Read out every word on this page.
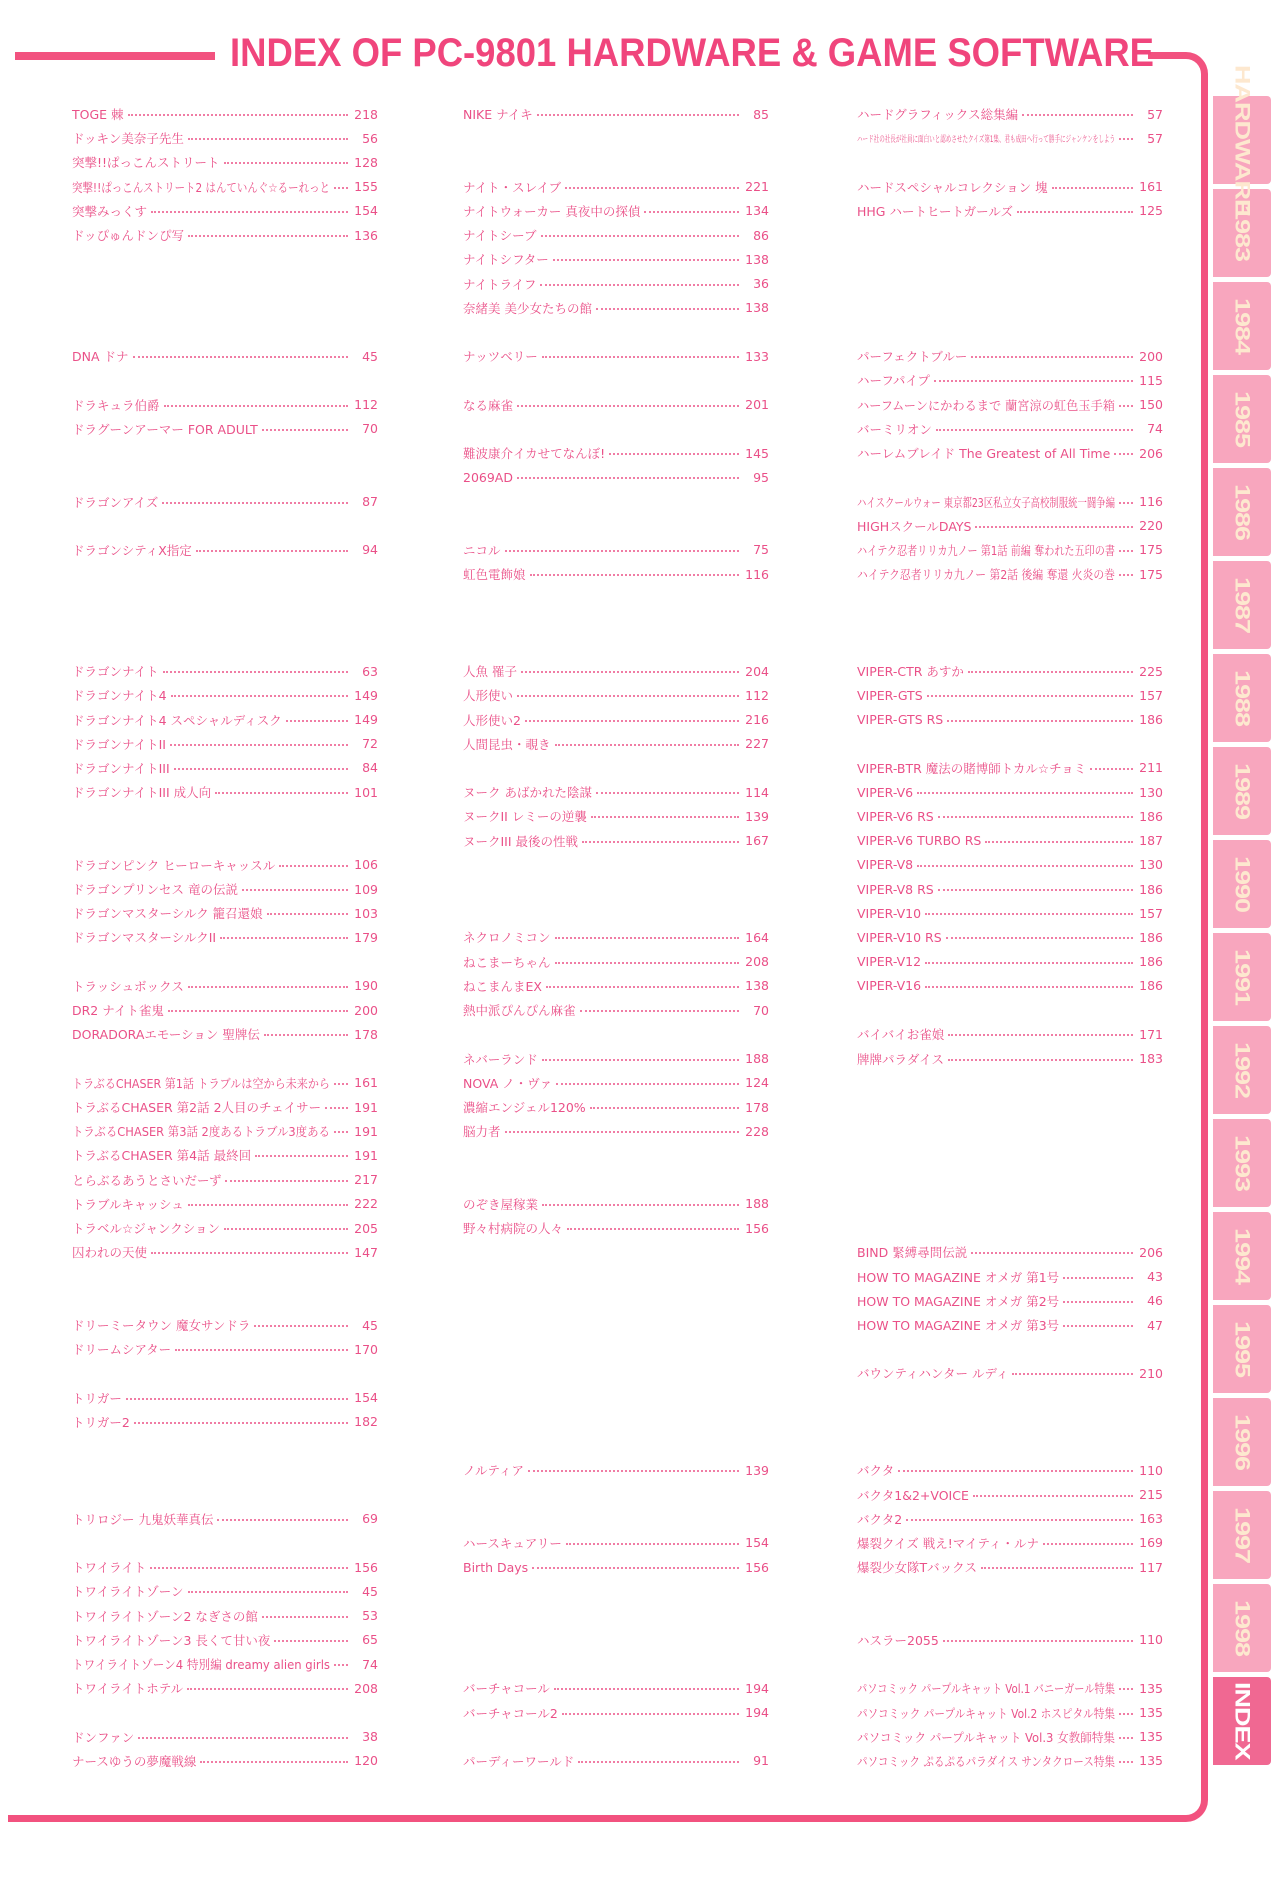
INDEX OF PC-9801 HARDWARE & GAME SOFTWARE
TOGE 棘	218
ドッキン美奈子先生	56
突撃!!ぱっこんストリート	128
突撃!!ぱっこんストリート2 はんていんぐ☆るーれっと 155
突撃みっくす	154
ドッぴゅんドンぴ写	136
DNA ドナ	45
ドラキュラ伯爵	112
ドラグーンアーマー FOR ADULT	70
ドラゴンアイズ	87
ドラゴンシティX指定	94
ドラゴンナイト	63
ドラゴンナイト4	149
ドラゴンナイト4 スペシャルディスク	149
ドラゴンナイトII	72
ドラゴンナイトIII	84
ドラゴンナイトIII 成人向	101
ドラゴンピンク ヒーローキャッスル	106
ドラゴンプリンセス 竜の伝説	109
ドラゴンマスターシルク 籠召還娘	103
ドラゴンマスターシルクII	179
トラッシュボックス	190
DR2 ナイト雀鬼	200
DORADORAエモーション 聖牌伝	178
トラぶるCHASER 第1話 トラブルは空から未来から 161
トラぶるCHASER 第2話 2人目のチェイサー	191
トラぶるCHASER 第3話 2度あるトラブル3度ある 191
トラぶるCHASER 第4話 最終回	191
とらぶるあうとさいだーず	217
トラブルキャッシュ	222
トラベル☆ジャンクション	205
囚われの天使	147
ドリーミータウン 魔女サンドラ	45
ドリームシアター	170
トリガー	154
トリガー2	182
トリロジー 九鬼妖華真伝	69
トワイライト	156
トワイライトゾーン	45
トワイライトゾーン2 なぎさの館	53
トワイライトゾーン3 長くて甘い夜	65
トワイライトゾーン4 特別編 dreamy alien girls	74
トワイライトホテル	208
ドンファン	38
ナースゆうの夢魔戦線	120
NIKE ナイキ	85
ナイト・スレイブ	221
ナイトウォーカー 真夜中の探偵	134
ナイトシーブ	86
ナイトシフター	138
ナイトライフ	36
奈緒美 美少女たちの館	138
ナッツベリー	133
なる麻雀	201
難波康介イカせてなんぼ!	145
2069AD	95
ニコル	75
虹色電飾娘	116
人魚 罹子	204
人形使い	112
人形使い2	216
人間昆虫・覗き	227
ヌーク あばかれた陰謀	114
ヌークII レミーの逆襲	139
ヌークIII 最後の性戦	167
ネクロノミコン	164
ねこまーちゃん	208
ねこまんまEX	138
熱中派ぴんぴん麻雀	70
ネバーランド	188
NOVA ノ・ヴァ	124
濃縮エンジェル120%	178
脳力者	228
のぞき屋稼業	188
野々村病院の人々	156
ノルティア	139
ハースキュアリー	154
Birth Days	156
バーチャコール	194
バーチャコール2	194
パーディーワールド	91
ハードグラフィックス総集編	57
ハード社の社長が社員に面白いと認めさせたクイズ第1集、君も成田へ行って勝手にジャンケンをしよう	57
ハードスペシャルコレクション 塊	161
HHG ハートヒートガールズ	125
パーフェクトブルー	200
ハーフパイプ	115
ハーフムーンにかわるまで 蘭宮涼の虹色玉手箱 150
バーミリオン	74
ハーレムブレイド The Greatest of All Time 206
ハイスクールウォー 東京都23区私立女子高校制服統一闘争編 116
HIGHスクールDAYS	220
ハイテク忍者リリカ九ノー 第1話 前編 奪われた五印の書 175
ハイテク忍者リリカ九ノー 第2話 後編 奪還 火炎の巻 175
VIPER-CTR あすか	225
VIPER-GTS	157
VIPER-GTS RS	186
VIPER-BTR 魔法の賭博師トカル☆チョミ	211
VIPER-V6	130
VIPER-V6 RS	186
VIPER-V6 TURBO RS	187
VIPER-V8	130
VIPER-V8 RS	186
VIPER-V10	157
VIPER-V10 RS	186
VIPER-V12	186
VIPER-V16	186
バイバイお雀娘	171
牌牌パラダイス	183
BIND 緊縛尋問伝説	206
HOW TO MAGAZINE オメガ 第1号	43
HOW TO MAGAZINE オメガ 第2号	46
HOW TO MAGAZINE オメガ 第3号	47
バウンティハンター ルディ	210
バクタ	110
バクタ1&2+VOICE	215
バクタ2	163
爆裂クイズ 戦え!マイティ・ルナ	169
爆裂少女隊Tバックス	117
ハスラー2055	110
パソコミック パープルキャット Vol.1 バニーガール特集 135
パソコミック パープルキャット Vol.2 ホスピタル特集 135
パソコミック パープルキャット Vol.3 女教師特集 135
パソコミック ぷるぷるパラダイス サンタクロース特集 135
HARDWARE
1983
1984
1985
1986
1987
1988
1989
1990
1991
1992
1993
1994
1995
1996
1997
1998
INDEX
